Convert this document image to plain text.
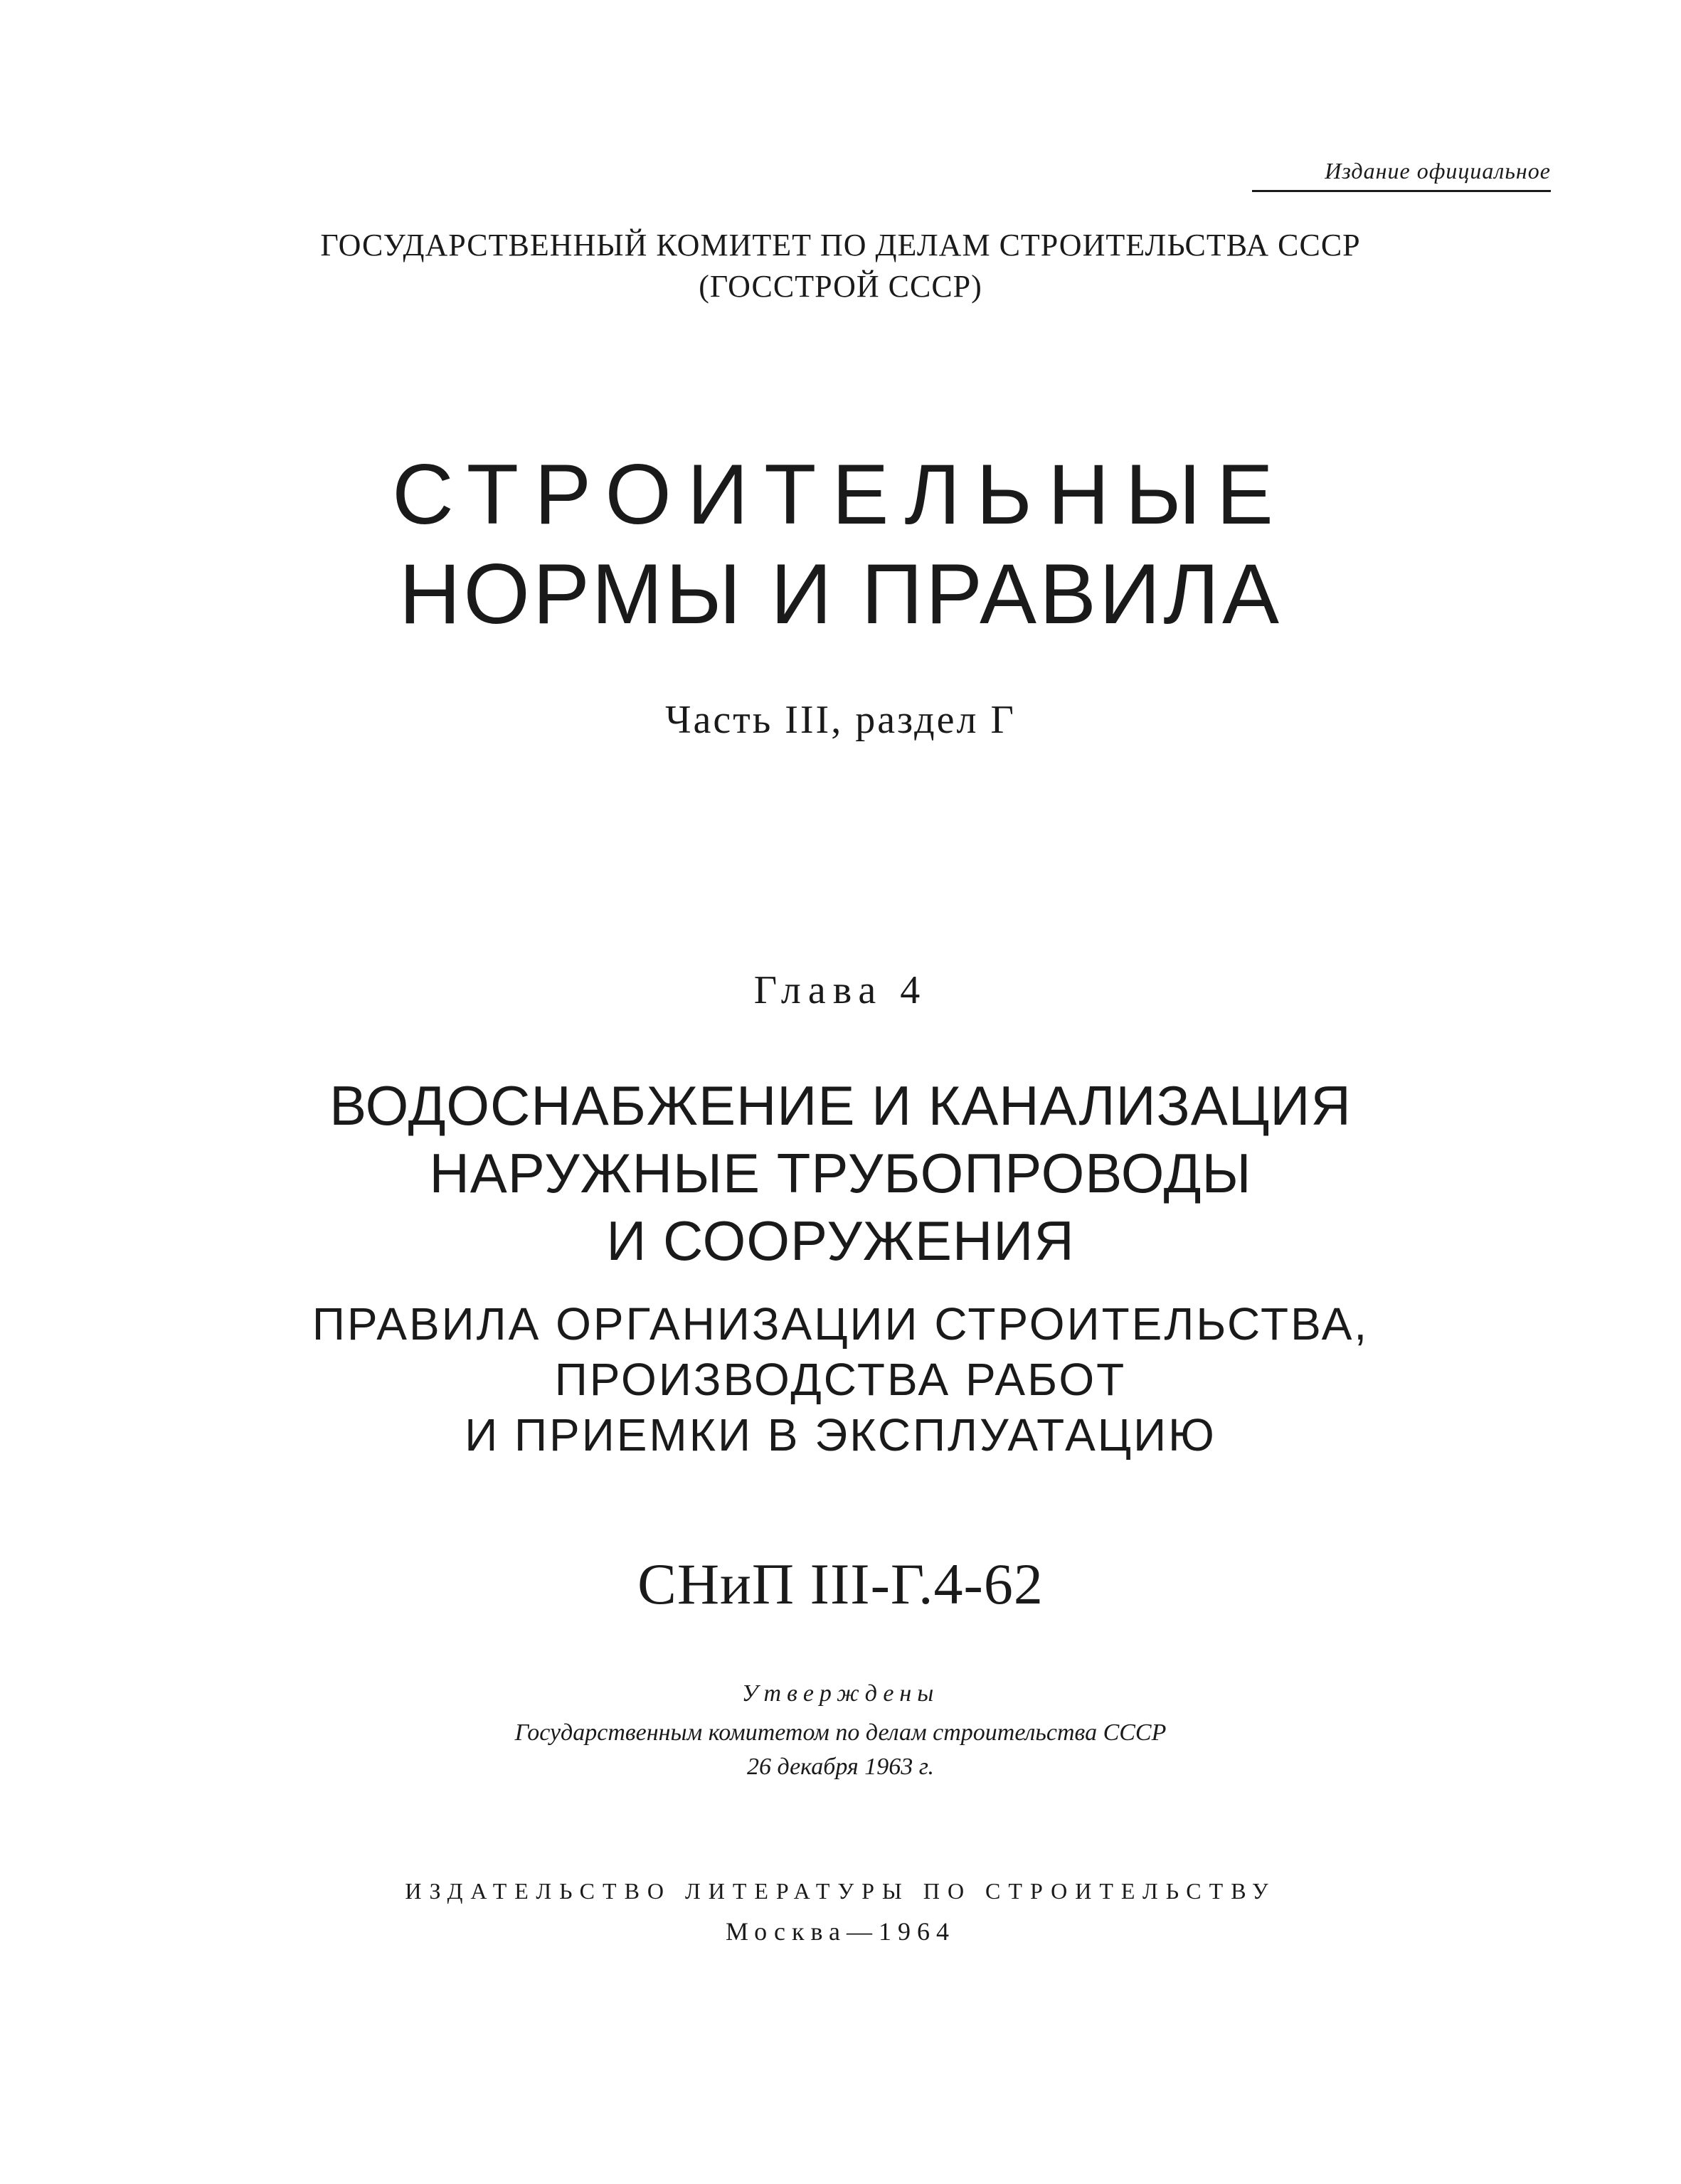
Издание официальное

ГОСУДАРСТВЕННЫЙ КОМИТЕТ ПО ДЕЛАМ СТРОИТЕЛЬСТВА СССР

(ГОССТРОЙ СССР)

СТРОИТЕЛЬНЫЕ
НОРМЫ И ПРАВИЛА

Часть III, раздел Г

Глава 4

ВОДОСНАБЖЕНИЕ И КАНАЛИЗАЦИЯ

НАРУЖНЫЕ ТРУБОПРОВОДЫ

И СООРУЖЕНИЯ

ПРАВИЛА ОРГАНИЗАЦИИ СТРОИТЕЛЬСТВА,

ПРОИЗВОДСТВА РАБОТ

И ПРИЕМКИ В ЭКСПЛУАТАЦИЮ

СНиП III-Г.4-62

Утверждены

Государственным комитетом по делам строительства СССР

26 декабря 1963 г.

ИЗДАТЕЛЬСТВО ЛИТЕРАТУРЫ ПО СТРОИТЕЛЬСТВУ

Москва—1964
